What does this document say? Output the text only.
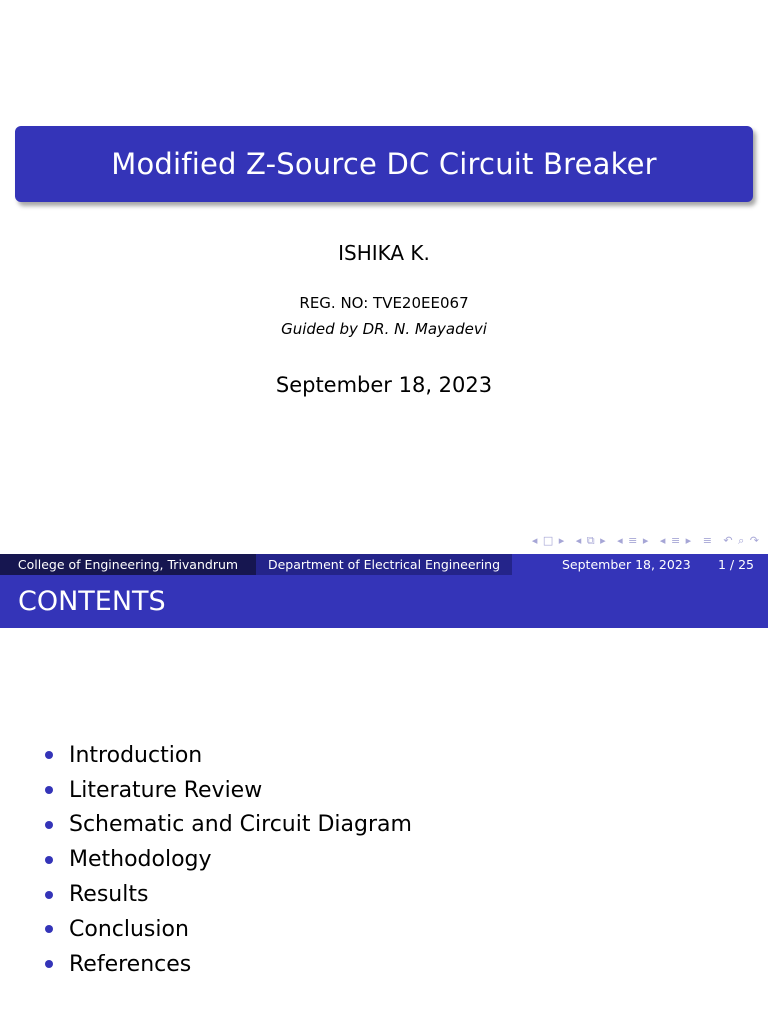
Modified Z-Source DC Circuit Breaker
ISHIKA K.
REG. NO: TVE20EE067
Guided by DR. N. Mayadevi
September 18, 2023
◂ □ ▸ ◂ ⧉ ▸ ◂ ≡ ▸ ◂ ≡ ▸ ≡ ↶ ⌕ ↷
College of Engineering, Trivandrum	Department of Electrical Engineering	September 18, 2023 1 / 25
CONTENTS
Introduction
Literature Review
Schematic and Circuit Diagram
Methodology
Results
Conclusion
References
